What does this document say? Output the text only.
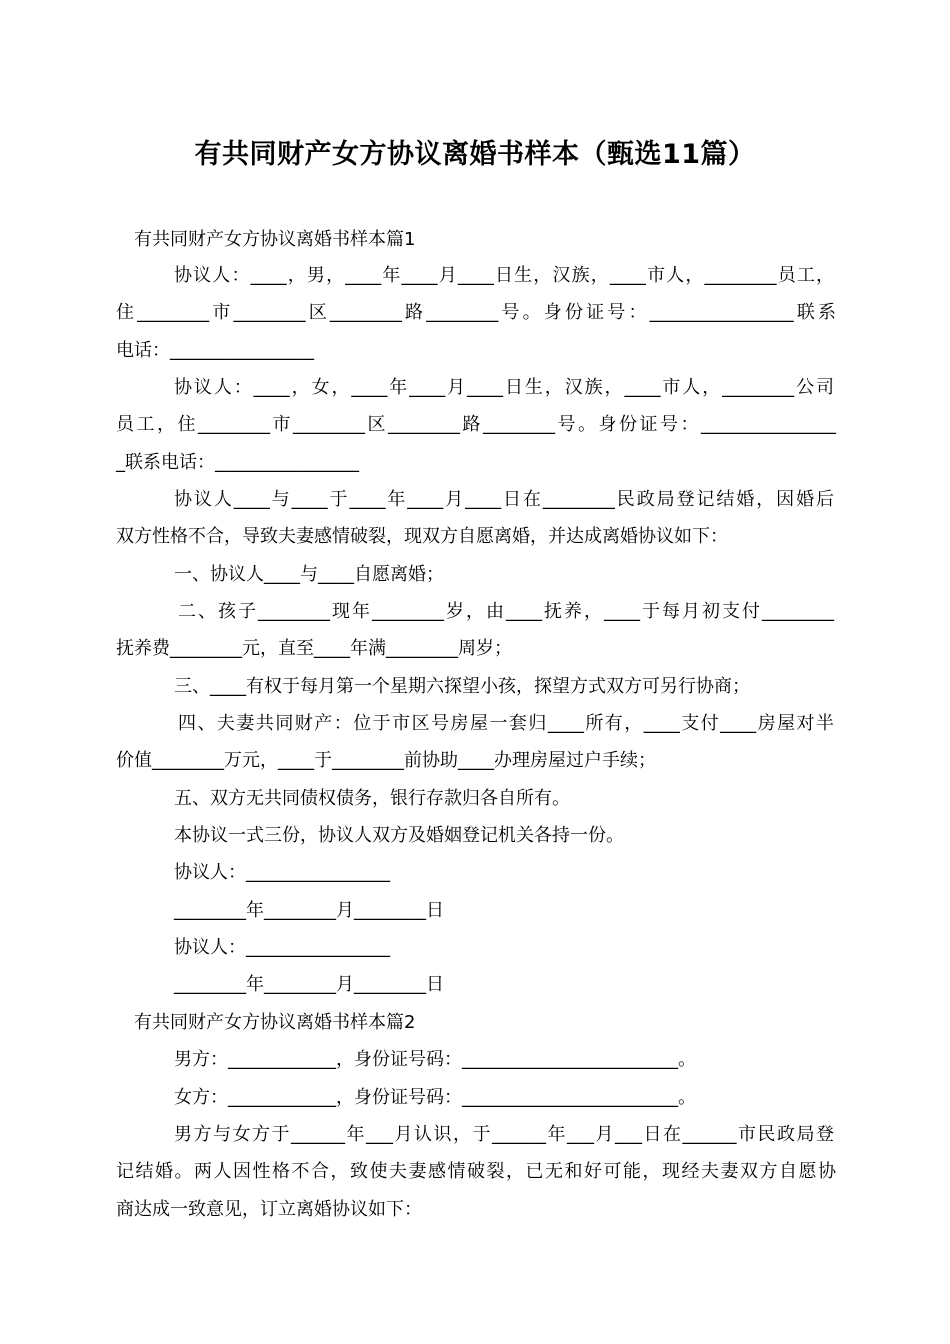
有共同财产女方协议离婚书样本（甄选11篇）
有共同财产女方协议离婚书样本篇1
协议人：____，男，____年____月____日生，汉族，____市人，________员工，
住________市________区________路________号。身份证号：________________联系
电话：________________
协议人：____，女，____年____月____日生，汉族，____市人，________公司
员工，住________市________区________路________号。身份证号：_______________
_联系电话：________________
协议人____与____于____年____月____日在________民政局登记结婚，因婚后
双方性格不合，导致夫妻感情破裂，现双方自愿离婚，并达成离婚协议如下：
一、协议人____与____自愿离婚；
二、孩子________现年________岁，由____抚养，____于每月初支付________
抚养费________元，直至____年满________周岁；
三、____有权于每月第一个星期六探望小孩，探望方式双方可另行协商；
四、夫妻共同财产：位于市区号房屋一套归____所有，____支付____房屋对半
价值________万元，____于________前协助____办理房屋过户手续；
五、双方无共同债权债务，银行存款归各自所有。
本协议一式三份，协议人双方及婚姻登记机关各持一份。
协议人：________________
________年________月________日
协议人：________________
________年________月________日
有共同财产女方协议离婚书样本篇2
男方：____________，身份证号码：________________________。
女方：____________，身份证号码：________________________。
男方与女方于______年___月认识，于______年___月___日在______市民政局登
记结婚。两人因性格不合，致使夫妻感情破裂，已无和好可能，现经夫妻双方自愿协
商达成一致意见，订立离婚协议如下：
